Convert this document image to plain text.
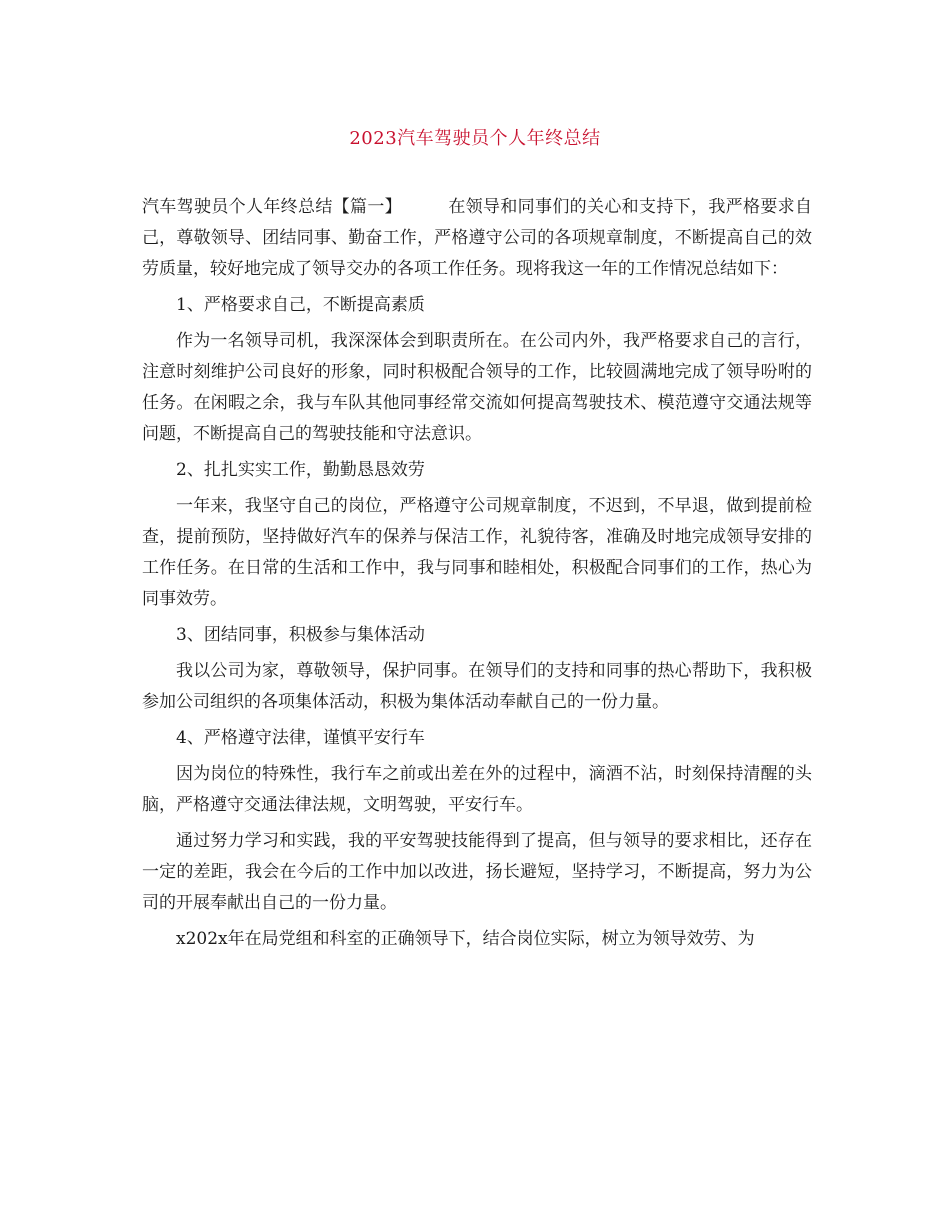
2023汽车驾驶员个人年终总结

汽车驾驶员个人年终总结【篇一】	在领导和同事们的关心和支持下，我严格要求自己，尊敬领导、团结同事、勤奋工作，严格遵守公司的各项规章制度，不断提高自己的效劳质量，较好地完成了领导交办的各项工作任务。现将我这一年的工作情况总结如下：

1、严格要求自己，不断提高素质

作为一名领导司机，我深深体会到职责所在。在公司内外，我严格要求自己的言行，注意时刻维护公司良好的形象，同时积极配合领导的工作，比较圆满地完成了领导吩咐的任务。在闲暇之余，我与车队其他同事经常交流如何提高驾驶技术、模范遵守交通法规等问题，不断提高自己的驾驶技能和守法意识。

2、扎扎实实工作，勤勤恳恳效劳

一年来，我坚守自己的岗位，严格遵守公司规章制度，不迟到，不早退，做到提前检查，提前预防，坚持做好汽车的保养与保洁工作，礼貌待客，准确及时地完成领导安排的工作任务。在日常的生活和工作中，我与同事和睦相处，积极配合同事们的工作，热心为同事效劳。

3、团结同事，积极参与集体活动

我以公司为家，尊敬领导，保护同事。在领导们的支持和同事的热心帮助下，我积极参加公司组织的各项集体活动，积极为集体活动奉献自己的一份力量。

4、严格遵守法律，谨慎平安行车

因为岗位的特殊性，我行车之前或出差在外的过程中，滴酒不沾，时刻保持清醒的头脑，严格遵守交通法律法规，文明驾驶，平安行车。

通过努力学习和实践，我的平安驾驶技能得到了提高，但与领导的要求相比，还存在一定的差距，我会在今后的工作中加以改进，扬长避短，坚持学习，不断提高，努力为公司的开展奉献出自己的一份力量。

x202x年在局党组和科室的正确领导下，结合岗位实际，树立为领导效劳、为
